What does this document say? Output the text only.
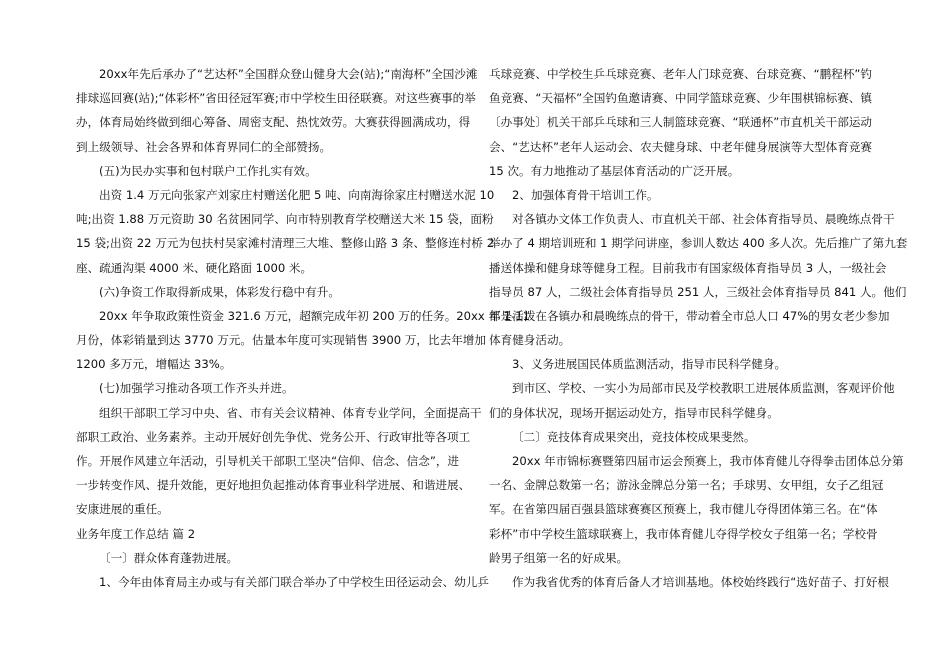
20xx年先后承办了“艺达杯”全国群众登山健身大会(站);“南海杯”全国沙滩
排球巡回赛(站);“体彩杯”省田径冠军赛;市中学校生田径联赛。对这些赛事的举
办，体育局始终做到细心筹备、周密支配、热忱效劳。大赛获得圆满成功，得
到上级领导、社会各界和体育界同仁的全部赞扬。
(五)为民办实事和包村联户工作扎实有效。
出资 1.4 万元向张家产刘家庄村赠送化肥 5 吨、向南海徐家庄村赠送水泥 10
吨;出资 1.88 万元资助 30 名贫困同学、向市特别教育学校赠送大米 15 袋，面粉
15 袋;出资 22 万元为包扶村吴家滩村清理三大堆、整修山路 3 条、整修连村桥 2
座、疏通沟渠 4000 米、硬化路面 1000 米。
(六)争资工作取得新成果，体彩发行稳中有升。
20xx 年争取政策性资金 321.6 万元，超额完成年初 200 万的任务。20xx 年 1-11
月份，体彩销量到达 3770 万元。估量本年度可实现销售 3900 万，比去年增加
1200 多万元，增幅达 33%。
(七)加强学习推动各项工作齐头并进。
组织干部职工学习中央、省、市有关会议精神、体育专业学问，全面提高干
部职工政治、业务素养。主动开展好创先争优、党务公开、行政审批等各项工
作。开展作风建立年活动，引导机关干部职工坚决“信仰、信念、信念”，进
一步转变作风、提升效能，更好地担负起推动体育事业科学进展、和谐进展、
安康进展的重任。
业务年度工作总结 篇 2
〔一〕群众体育蓬勃进展。
1、今年由体育局主办或与有关部门联合举办了中学校生田径运动会、幼儿乒
乓球竞赛、中学校生乒乓球竞赛、老年人门球竞赛、台球竞赛、“鹏程杯”钓
鱼竞赛、“天福杯”全国钓鱼邀请赛、中同学篮球竞赛、少年围棋锦标赛、镇
〔办事处〕机关干部乒乓球和三人制篮球竞赛、“联通杯”市直机关干部运动
会、“艺达杯”老年人运动会、农夫健身球、中老年健身展演等大型体育竞赛
15 次。有力地推动了基层体育活动的广泛开展。
2、加强体育骨干培训工作。
对各镇办文体工作负责人、市直机关干部、社会体育指导员、晨晚练点骨干
举办了 4 期培训班和 1 期学问讲座，参训人数达 400 多人次。先后推广了第九套
播送体操和健身球等健身工程。目前我市有国家级体育指导员 3 人，一级社会
指导员 87 人，二级社会体育指导员 251 人，三级社会体育指导员 841 人。他们
都是活泼在各镇办和晨晚练点的骨干，带动着全市总人口 47%的男女老少参加
体育健身活动。
3、义务进展国民体质监测活动，指导市民科学健身。
到市区、学校、一实小为局部市民及学校教职工进展体质监测，客观评价他
们的身体状况，现场开据运动处方，指导市民科学健身。
〔二〕竞技体育成果突出，竞技体校成果斐然。
20xx 年市锦标赛暨第四届市运会预赛上，我市体育健儿夺得拳击团体总分第
一名、金牌总数第一名；游泳金牌总分第一名；手球男、女甲组，女子乙组冠
军。在省第四届百强县篮球赛赛区预赛上，我市健儿夺得团体第三名。在“体
彩杯”市中学校生篮球联赛上，我市体育健儿夺得学校女子组第一名；学校骨
龄男子组第一名的好成果。
作为我省优秀的体育后备人才培训基地。体校始终践行“选好苗子、打好根
